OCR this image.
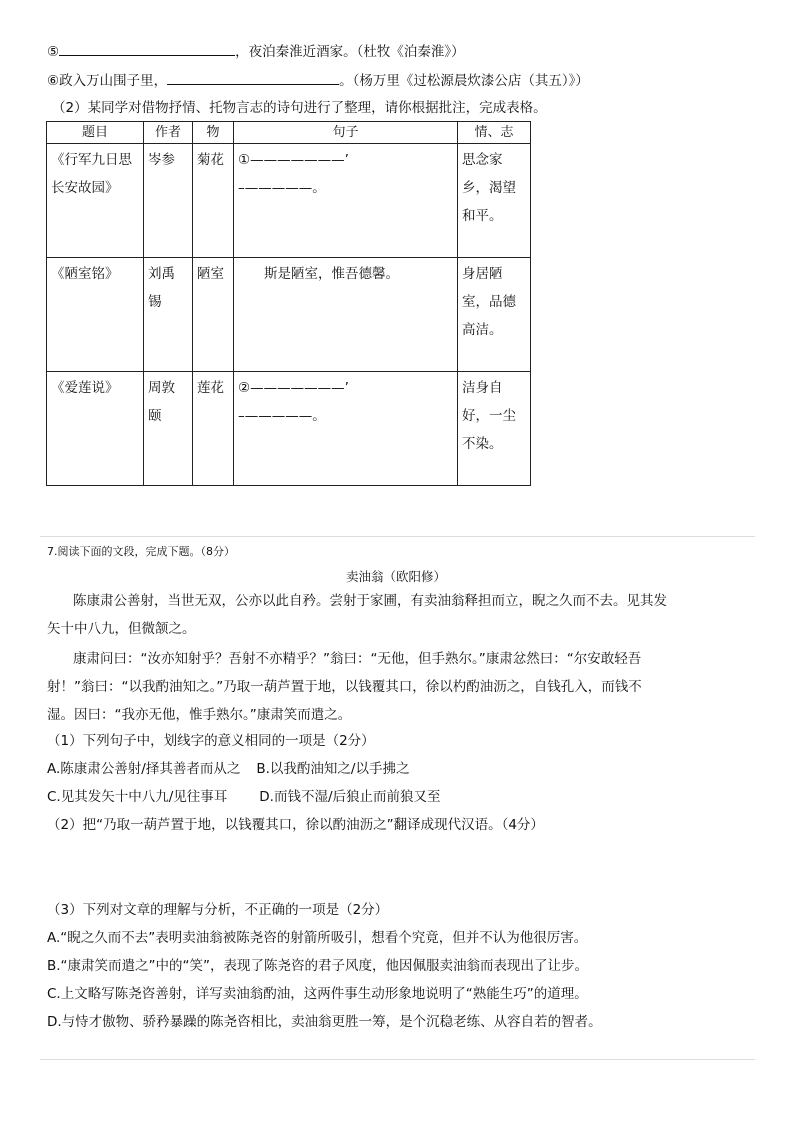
⑤	，夜泊秦淮近酒家。（杜牧《泊秦淮》）
⑥政入万山围子里，	。（杨万里《过松源晨炊漆公店（其五）》）
（2）某同学对借物抒情、托物言志的诗句进行了整理，请你根据批注，完成表格。
题目	作者	物	句子	情、志
《行军九日思长安故园》	岑参	菊花	①———————’
–—————。	思念家乡，渴望和平。
《陋室铭》	刘禹锡	陋室	斯是陋室，惟吾德馨。	身居陋室，品德高洁。
《爱莲说》	周敦颐	莲花	②———————’
–—————。	洁身自好，一尘不染。
7.阅读下面的文段，完成下题。（8分）
卖油翁（欧阳修）
陈康肃公善射，当世无双，公亦以此自矜。尝射于家圃，有卖油翁释担而立，睨之久而不去。见其发
矢十中八九，但微颔之。
康肃问曰：“汝亦知射乎？吾射不亦精乎？”翁曰：“无他，但手熟尔。”康肃忿然曰：“尔安敢轻吾
射！”翁曰：“以我酌油知之。”乃取一葫芦置于地，以钱覆其口，徐以杓酌油沥之，自钱孔入，而钱不
湿。因曰：“我亦无他，惟手熟尔。”康肃笑而遣之。
（1）下列句子中，划线字的意义相同的一项是（2分）
A.陈康肃公善射/择其善者而从之 B.以我酌油知之/以手拂之
C.见其发矢十中八九/见往事耳 D.而钱不湿/后狼止而前狼又至
（2）把“乃取一葫芦置于地，以钱覆其口，徐以酌油沥之”翻译成现代汉语。（4分）
（3）下列对文章的理解与分析，不正确的一项是（2分）
A.“睨之久而不去”表明卖油翁被陈尧咨的射箭所吸引，想看个究竟，但并不认为他很厉害。
B.“康肃笑而遣之”中的“笑”，表现了陈尧咨的君子风度，他因佩服卖油翁而表现出了让步。
C.上文略写陈尧咨善射，详写卖油翁酌油，这两件事生动形象地说明了“熟能生巧”的道理。
D.与恃才傲物、骄矜暴躁的陈尧咨相比，卖油翁更胜一筹，是个沉稳老练、从容自若的智者。
